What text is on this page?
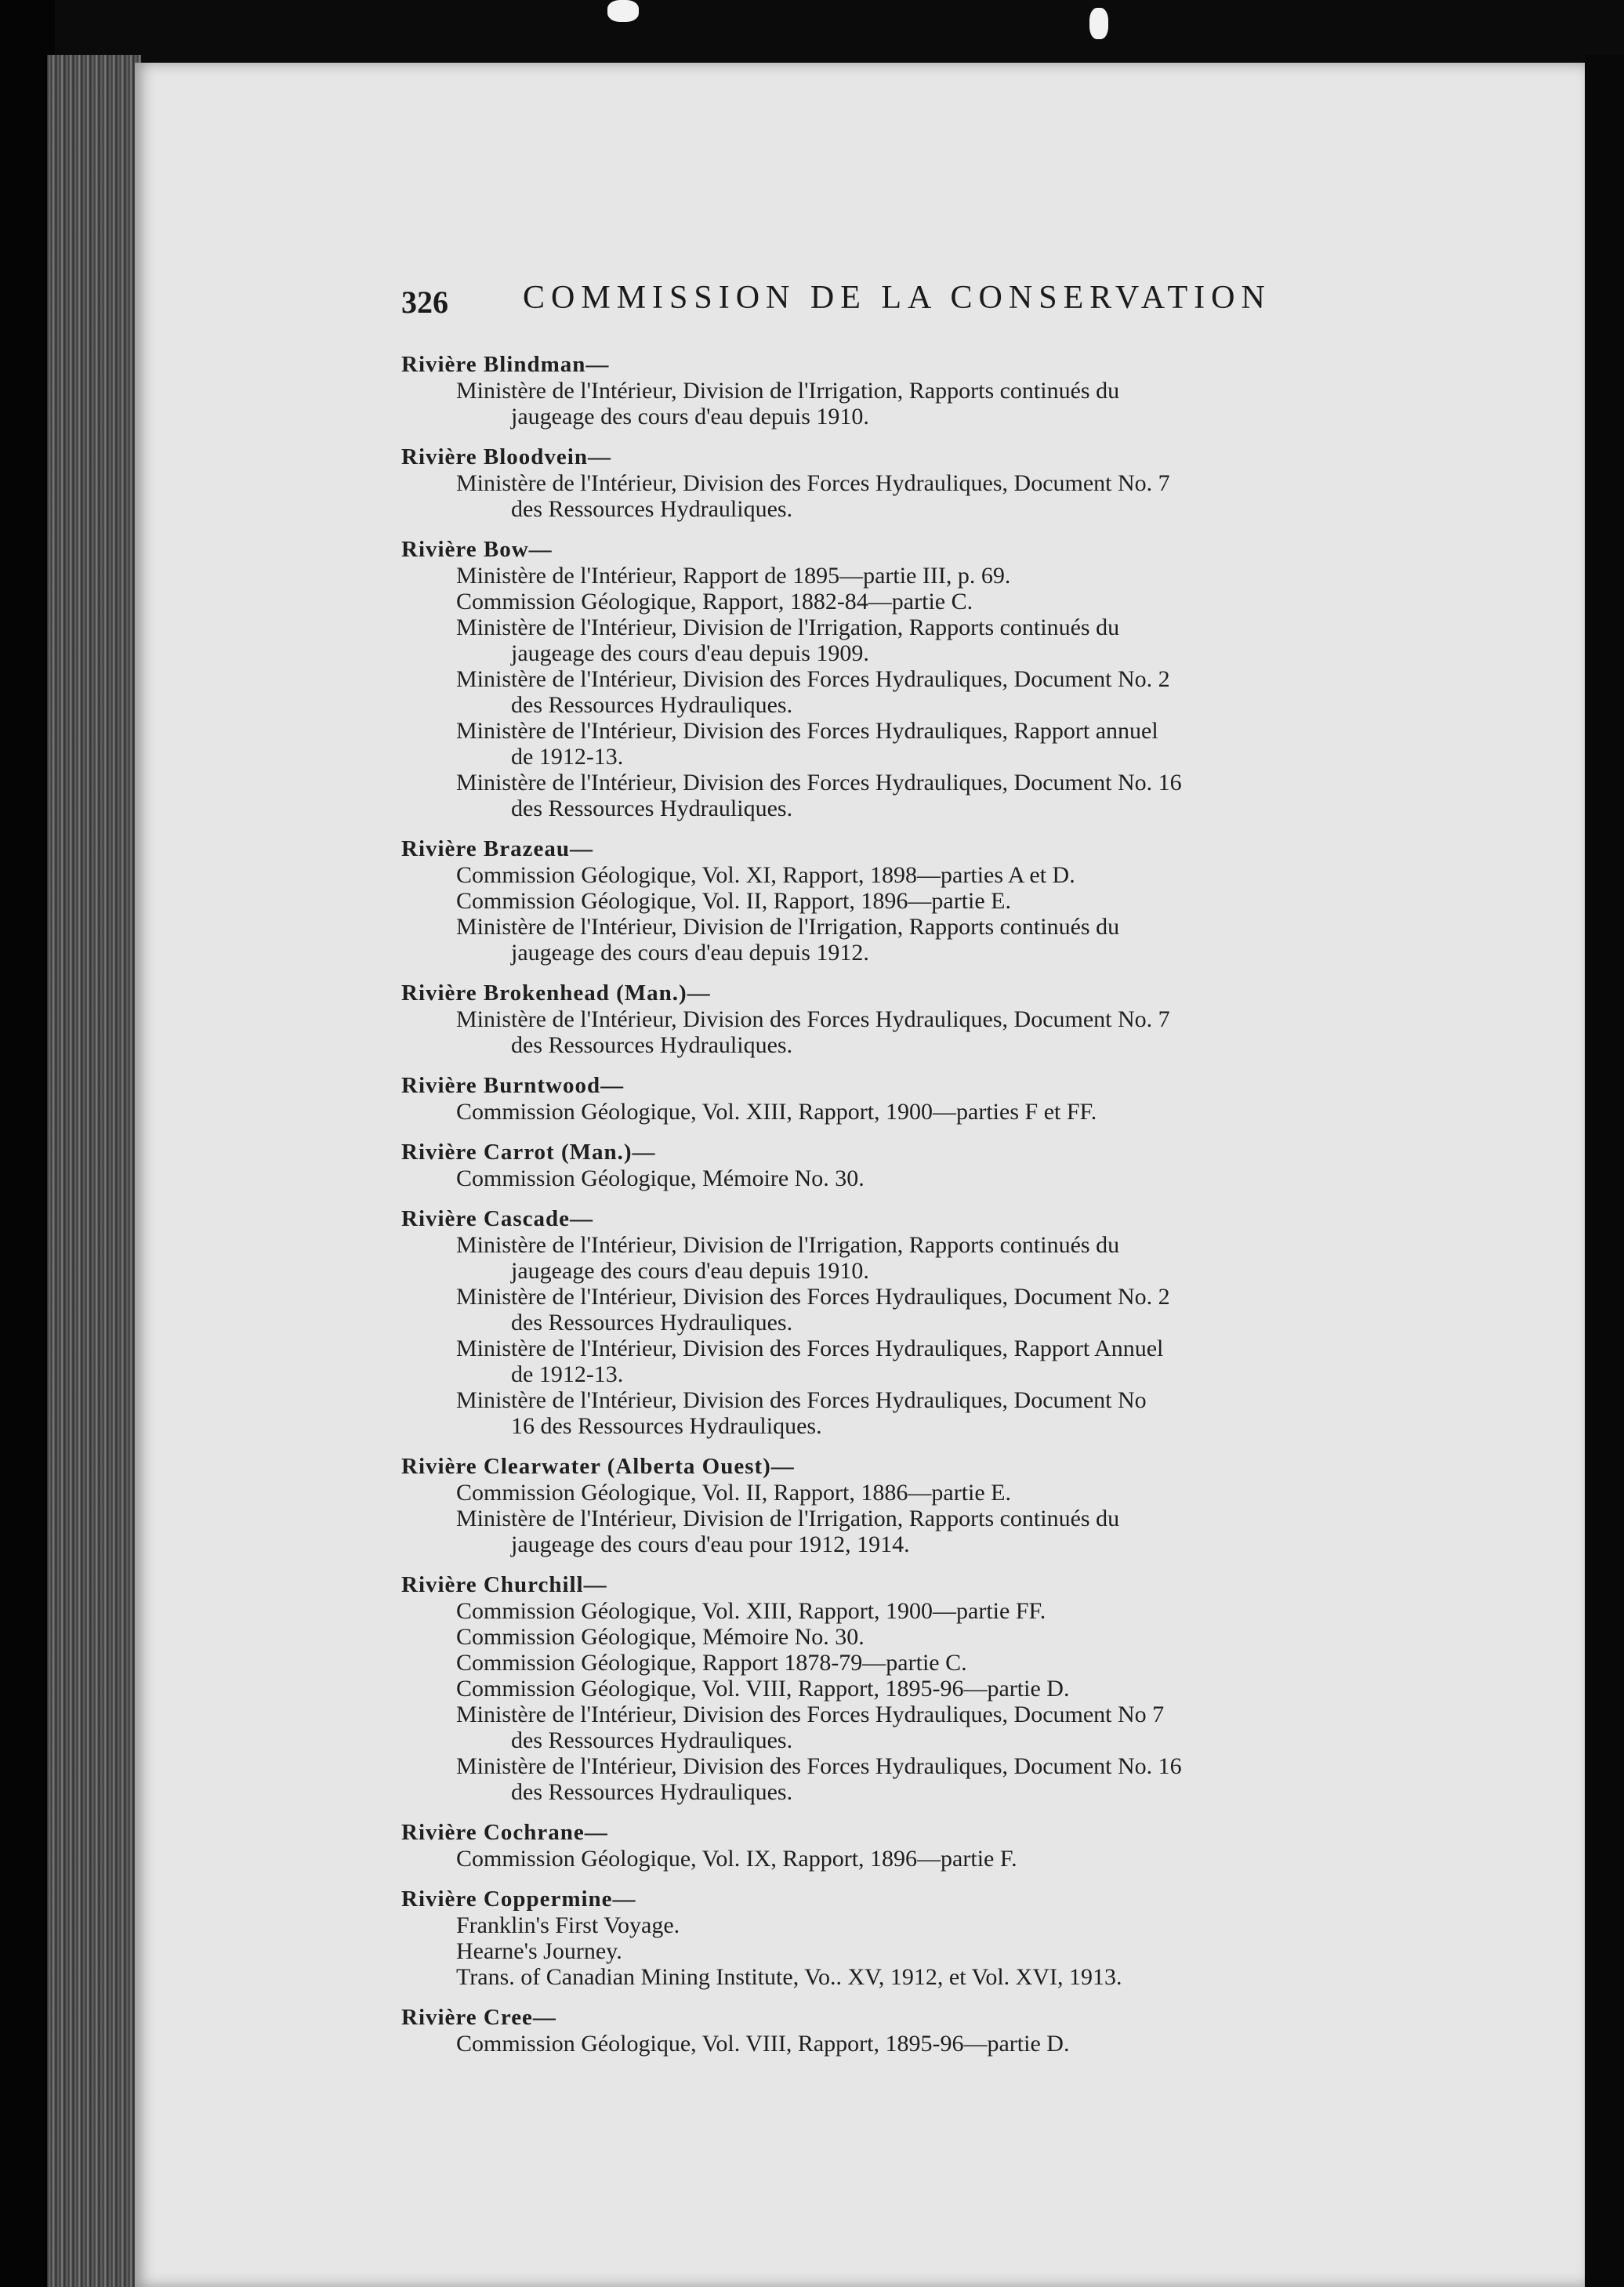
326 COMMISSION DE LA CONSERVATION
Rivière Blindman—
Ministère de l'Intérieur, Division de l'Irrigation, Rapports continués du
jaugeage des cours d'eau depuis 1910.
Rivière Bloodvein—
Ministère de l'Intérieur, Division des Forces Hydrauliques, Document No. 7
des Ressources Hydrauliques.
Rivière Bow—
Ministère de l'Intérieur, Rapport de 1895—partie III, p. 69.
Commission Géologique, Rapport, 1882-84—partie C.
Ministère de l'Intérieur, Division de l'Irrigation, Rapports continués du
jaugeage des cours d'eau depuis 1909.
Ministère de l'Intérieur, Division des Forces Hydrauliques, Document No. 2
des Ressources Hydrauliques.
Ministère de l'Intérieur, Division des Forces Hydrauliques, Rapport annuel
de 1912-13.
Ministère de l'Intérieur, Division des Forces Hydrauliques, Document No. 16
des Ressources Hydrauliques.
Rivière Brazeau—
Commission Géologique, Vol. XI, Rapport, 1898—parties A et D.
Commission Géologique, Vol. II, Rapport, 1896—partie E.
Ministère de l'Intérieur, Division de l'Irrigation, Rapports continués du
jaugeage des cours d'eau depuis 1912.
Rivière Brokenhead (Man.)—
Ministère de l'Intérieur, Division des Forces Hydrauliques, Document No. 7
des Ressources Hydrauliques.
Rivière Burntwood—
Commission Géologique, Vol. XIII, Rapport, 1900—parties F et FF.
Rivière Carrot (Man.)—
Commission Géologique, Mémoire No. 30.
Rivière Cascade—
Ministère de l'Intérieur, Division de l'Irrigation, Rapports continués du
jaugeage des cours d'eau depuis 1910.
Ministère de l'Intérieur, Division des Forces Hydrauliques, Document No. 2
des Ressources Hydrauliques.
Ministère de l'Intérieur, Division des Forces Hydrauliques, Rapport Annuel
de 1912-13.
Ministère de l'Intérieur, Division des Forces Hydrauliques, Document No
16 des Ressources Hydrauliques.
Rivière Clearwater (Alberta Ouest)—
Commission Géologique, Vol. II, Rapport, 1886—partie E.
Ministère de l'Intérieur, Division de l'Irrigation, Rapports continués du
jaugeage des cours d'eau pour 1912, 1914.
Rivière Churchill—
Commission Géologique, Vol. XIII, Rapport, 1900—partie FF.
Commission Géologique, Mémoire No. 30.
Commission Géologique, Rapport 1878-79—partie C.
Commission Géologique, Vol. VIII, Rapport, 1895-96—partie D.
Ministère de l'Intérieur, Division des Forces Hydrauliques, Document No 7
des Ressources Hydrauliques.
Ministère de l'Intérieur, Division des Forces Hydrauliques, Document No. 16
des Ressources Hydrauliques.
Rivière Cochrane—
Commission Géologique, Vol. IX, Rapport, 1896—partie F.
Rivière Coppermine—
Franklin's First Voyage.
Hearne's Journey.
Trans. of Canadian Mining Institute, Vo.. XV, 1912, et Vol. XVI, 1913.
Rivière Cree—
Commission Géologique, Vol. VIII, Rapport, 1895-96—partie D.
